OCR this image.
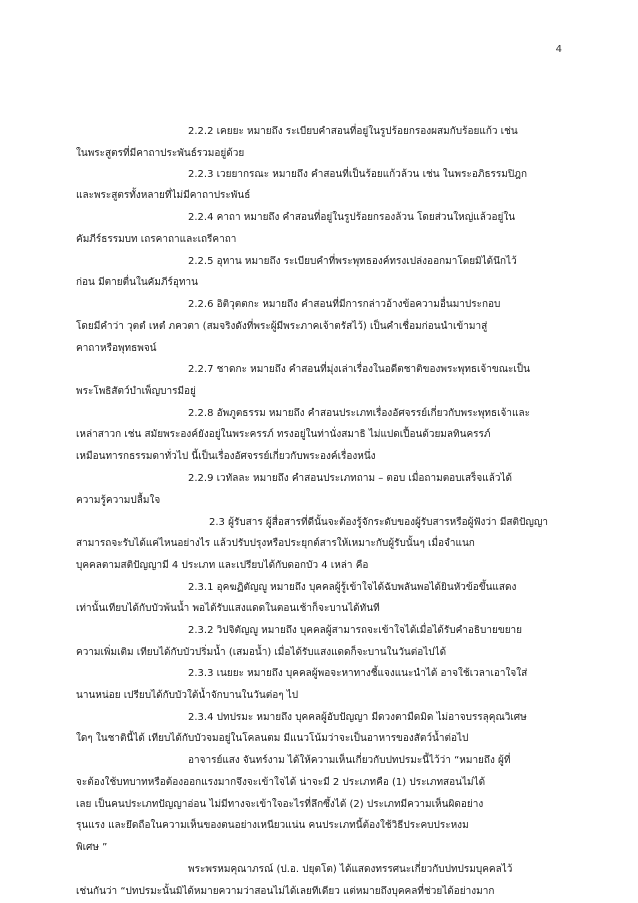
4
2.2.2 เคยยะ หมายถึง ระเบียบคำสอนที่อยู่ในรูปร้อยกรองผสมกับร้อยแก้ว เช่น
ในพระสูตรที่มีคาถาประพันธ์รวมอยู่ด้วย
2.2.3 เวยยากรณะ หมายถึง คำสอนที่เป็นร้อยแก้วล้วน เช่น ในพระอภิธรรมปิฎก
และพระสูตรทั้งหลายที่ไม่มีคาถาประพันธ์
2.2.4 คาถา หมายถึง คำสอนที่อยู่ในรูปร้อยกรองล้วน โดยส่วนใหญ่แล้วอยู่ใน
คัมภีร์ธรรมบท เถรคาถาและเถรีคาถา
2.2.5 อุทาน หมายถึง ระเบียบคำที่พระพุทธองค์ทรงเปล่งออกมาโดยมิได้นึกไว้
ก่อน มีตายตื่นในคัมภีร์อุทาน
2.2.6 อิติวุตตกะ หมายถึง คำสอนที่มีการกล่าวอ้างข้อความอื่นมาประกอบ
โดยมีคำว่า วุตตํ เหตํ ภควตา (สมจริงดังที่พระผู้มีพระภาคเจ้าตรัสไว้) เป็นคำเชื่อมก่อนนำเข้ามาสู่
คาถาหรือพุทธพจน์
2.2.7 ชาดกะ หมายถึง คำสอนที่มุ่งเล่าเรื่องในอดีตชาติของพระพุทธเจ้าขณะเป็น
พระโพธิสัตว์บำเพ็ญบารมีอยู่
2.2.8 อัพภูตธรรม หมายถึง คำสอนประเภทเรื่องอัศจรรย์เกี่ยวกับพระพุทธเจ้าและ
เหล่าสาวก เช่น สมัยพระองค์ยังอยู่ในพระครรภ์ ทรงอยู่ในท่านั่งสมาธิ ไม่แปดเปื้อนด้วยมลทินครรภ์
เหมือนทารกธรรมดาทั่วไป นี้เป็นเรื่องอัศจรรย์เกี่ยวกับพระองค์เรื่องหนึ่ง
2.2.9 เวทัลละ หมายถึง คำสอนประเภทถาม – ตอบ เมื่อถามตอบเสร็จแล้วได้
ความรู้ความปลื้มใจ
2.3 ผู้รับสาร ผู้สื่อสารที่ดีนั้นจะต้องรู้จักระดับของผู้รับสารหรือผู้ฟังว่า มีสติปัญญา
สามารถจะรับได้แค่ไหนอย่างไร แล้วปรับปรุงหรือประยุกต์สารให้เหมาะกับผู้รับนั้นๆ เมื่อจำแนก
บุคคลตามสติปัญญามี 4 ประเภท และเปรียบได้กับดอกบัว 4 เหล่า คือ
2.3.1 อุคฆฏิตัญญู หมายถึง บุคคลผู้รู้เข้าใจได้ฉับพลันพอได้ยินหัวข้อขึ้นแสดง
เท่านั้นเทียบได้กับบัวพ้นน้ำ พอได้รับแสงแดดในตอนเช้าก็จะบานได้ทันที
2.3.2 วิปจิตัญญู หมายถึง บุคคลผู้สามารถจะเข้าใจได้เมื่อได้รับคำอธิบายขยาย
ความเพิ่มเติม เทียบได้กับบัวปริ่มน้ำ (เสมอน้ำ) เมื่อได้รับแสงแดดก็จะบานในวันต่อไปได้
2.3.3 เนยยะ หมายถึง บุคคลผู้พอจะหาทางชี้แจงแนะนำได้ อาจใช้เวลาเอาใจใส่
นานหน่อย เปรียบได้กับบัวใต้น้ำจักบานในวันต่อๆ ไป
2.3.4 ปทปรมะ หมายถึง บุคคลผู้อับปัญญา มีดวงตามืดมิด ไม่อาจบรรลุคุณวิเศษ
ใดๆ ในชาตินี้ได้ เทียบได้กับบัวจมอยู่ในโคลนตม มีแนวโน้มว่าจะเป็นอาหารของสัตว์น้ำต่อไป
อาจารย์แสง จันทร์งาม ได้ให้ความเห็นเกี่ยวกับปทปรมะนี้ไว้ว่า “หมายถึง ผู้ที่
จะต้องใช้บทบาทหรือต้องออกแรงมากจึงจะเข้าใจได้ น่าจะมี 2 ประเภทคือ (1) ประเภทสอนไม่ได้
เลย เป็นคนประเภทปัญญาอ่อน ไม่มีทางจะเข้าใจอะไรที่ลึกซึ้งได้ (2) ประเภทมีความเห็นผิดอย่าง
รุนแรง และยึดถือในความเห็นของตนอย่างเหนียวแน่น คนประเภทนี้ต้องใช้วิธีประคบประหงม
พิเศษ ”
พระพรหมคุณาภรณ์ (ป.อ. ปยุตโต) ได้แสดงทรรศนะเกี่ยวกับปทปรมบุคคลไว้
เช่นกันว่า “ปทปรมะนั้นมิได้หมายความว่าสอนไม่ได้เลยทีเดียว แต่หมายถึงบุคคลที่ช่วยได้อย่างมาก
